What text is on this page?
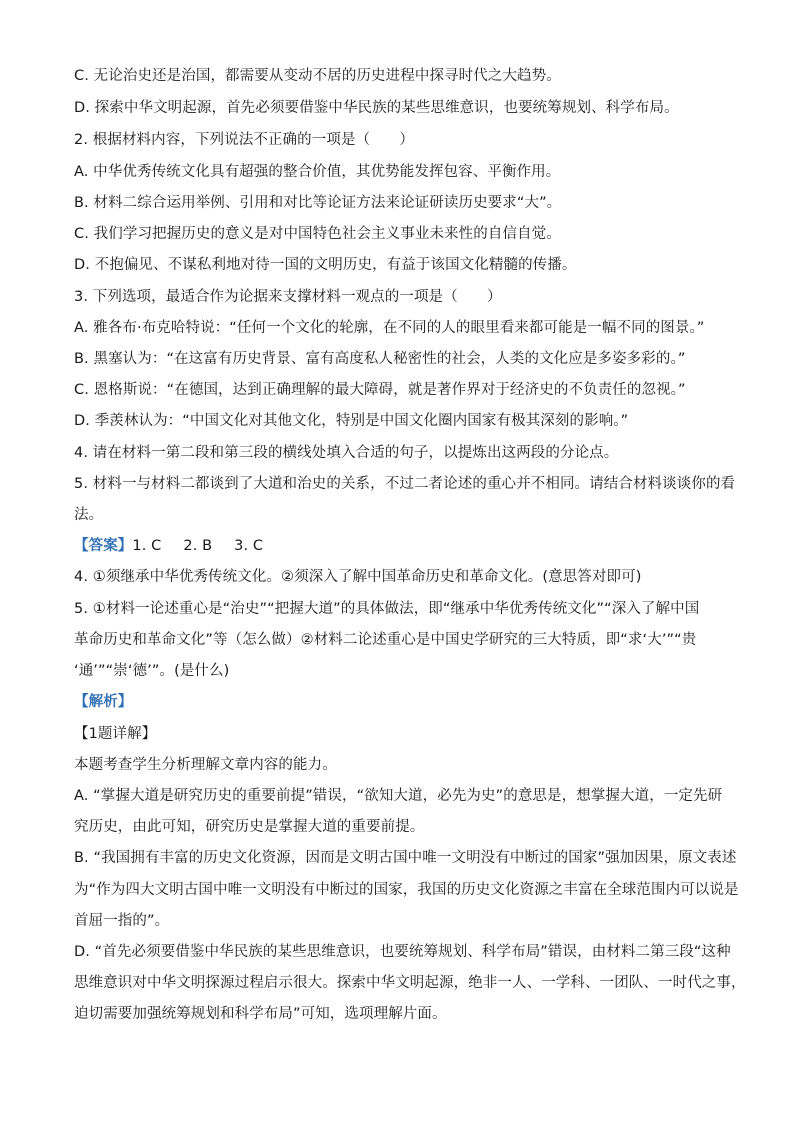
C. 无论治史还是治国，都需要从变动不居的历史进程中探寻时代之大趋势。
D. 探索中华文明起源，首先必须要借鉴中华民族的某些思维意识，也要统筹规划、科学布局。
2. 根据材料内容，下列说法不正确的一项是（　　）
A. 中华优秀传统文化具有超强的整合价值，其优势能发挥包容、平衡作用。
B. 材料二综合运用举例、引用和对比等论证方法来论证研读历史要求“大”。
C. 我们学习把握历史的意义是对中国特色社会主义事业未来性的自信自觉。
D. 不抱偏见、不谋私利地对待一国的文明历史，有益于该国文化精髓的传播。
3. 下列选项，最适合作为论据来支撑材料一观点的一项是（　　）
A. 雅各布·布克哈特说：“任何一个文化的轮廓，在不同的人的眼里看来都可能是一幅不同的图景。”
B. 黑塞认为：“在这富有历史背景、富有高度私人秘密性的社会，人类的文化应是多姿多彩的。”
C. 恩格斯说：“在德国，达到正确理解的最大障碍，就是著作界对于经济史的不负责任的忽视。”
D. 季羡林认为：“中国文化对其他文化，特别是中国文化圈内国家有极其深刻的影响。”
4. 请在材料一第二段和第三段的横线处填入合适的句子，以提炼出这两段的分论点。
5. 材料一与材料二都谈到了大道和治史的关系，不过二者论述的重心并不相同。请结合材料谈谈你的看
法。
【答案】1. C 2. B 3. C
4. ①须继承中华优秀传统文化。②须深入了解中国革命历史和革命文化。(意思答对即可)
5. ①材料一论述重心是“治史”“把握大道”的具体做法，即“继承中华优秀传统文化”“深入了解中国
革命历史和革命文化”等（怎么做）②材料二论述重心是中国史学研究的三大特质，即“求‘大’”“贵
‘通’”“崇‘德’”。(是什么)
【解析】
【1题详解】
本题考查学生分析理解文章内容的能力。
A. “掌握大道是研究历史的重要前提”错误，“欲知大道，必先为史”的意思是，想掌握大道，一定先研
究历史，由此可知，研究历史是掌握大道的重要前提。
B. “我国拥有丰富的历史文化资源，因而是文明古国中唯一文明没有中断过的国家”强加因果，原文表述
为“作为四大文明古国中唯一文明没有中断过的国家，我国的历史文化资源之丰富在全球范围内可以说是
首屈一指的”。
D. “首先必须要借鉴中华民族的某些思维意识，也要统筹规划、科学布局”错误，由材料二第三段“这种
思维意识对中华文明探源过程启示很大。探索中华文明起源，绝非一人、一学科、一团队、一时代之事，
迫切需要加强统筹规划和科学布局”可知，选项理解片面。
